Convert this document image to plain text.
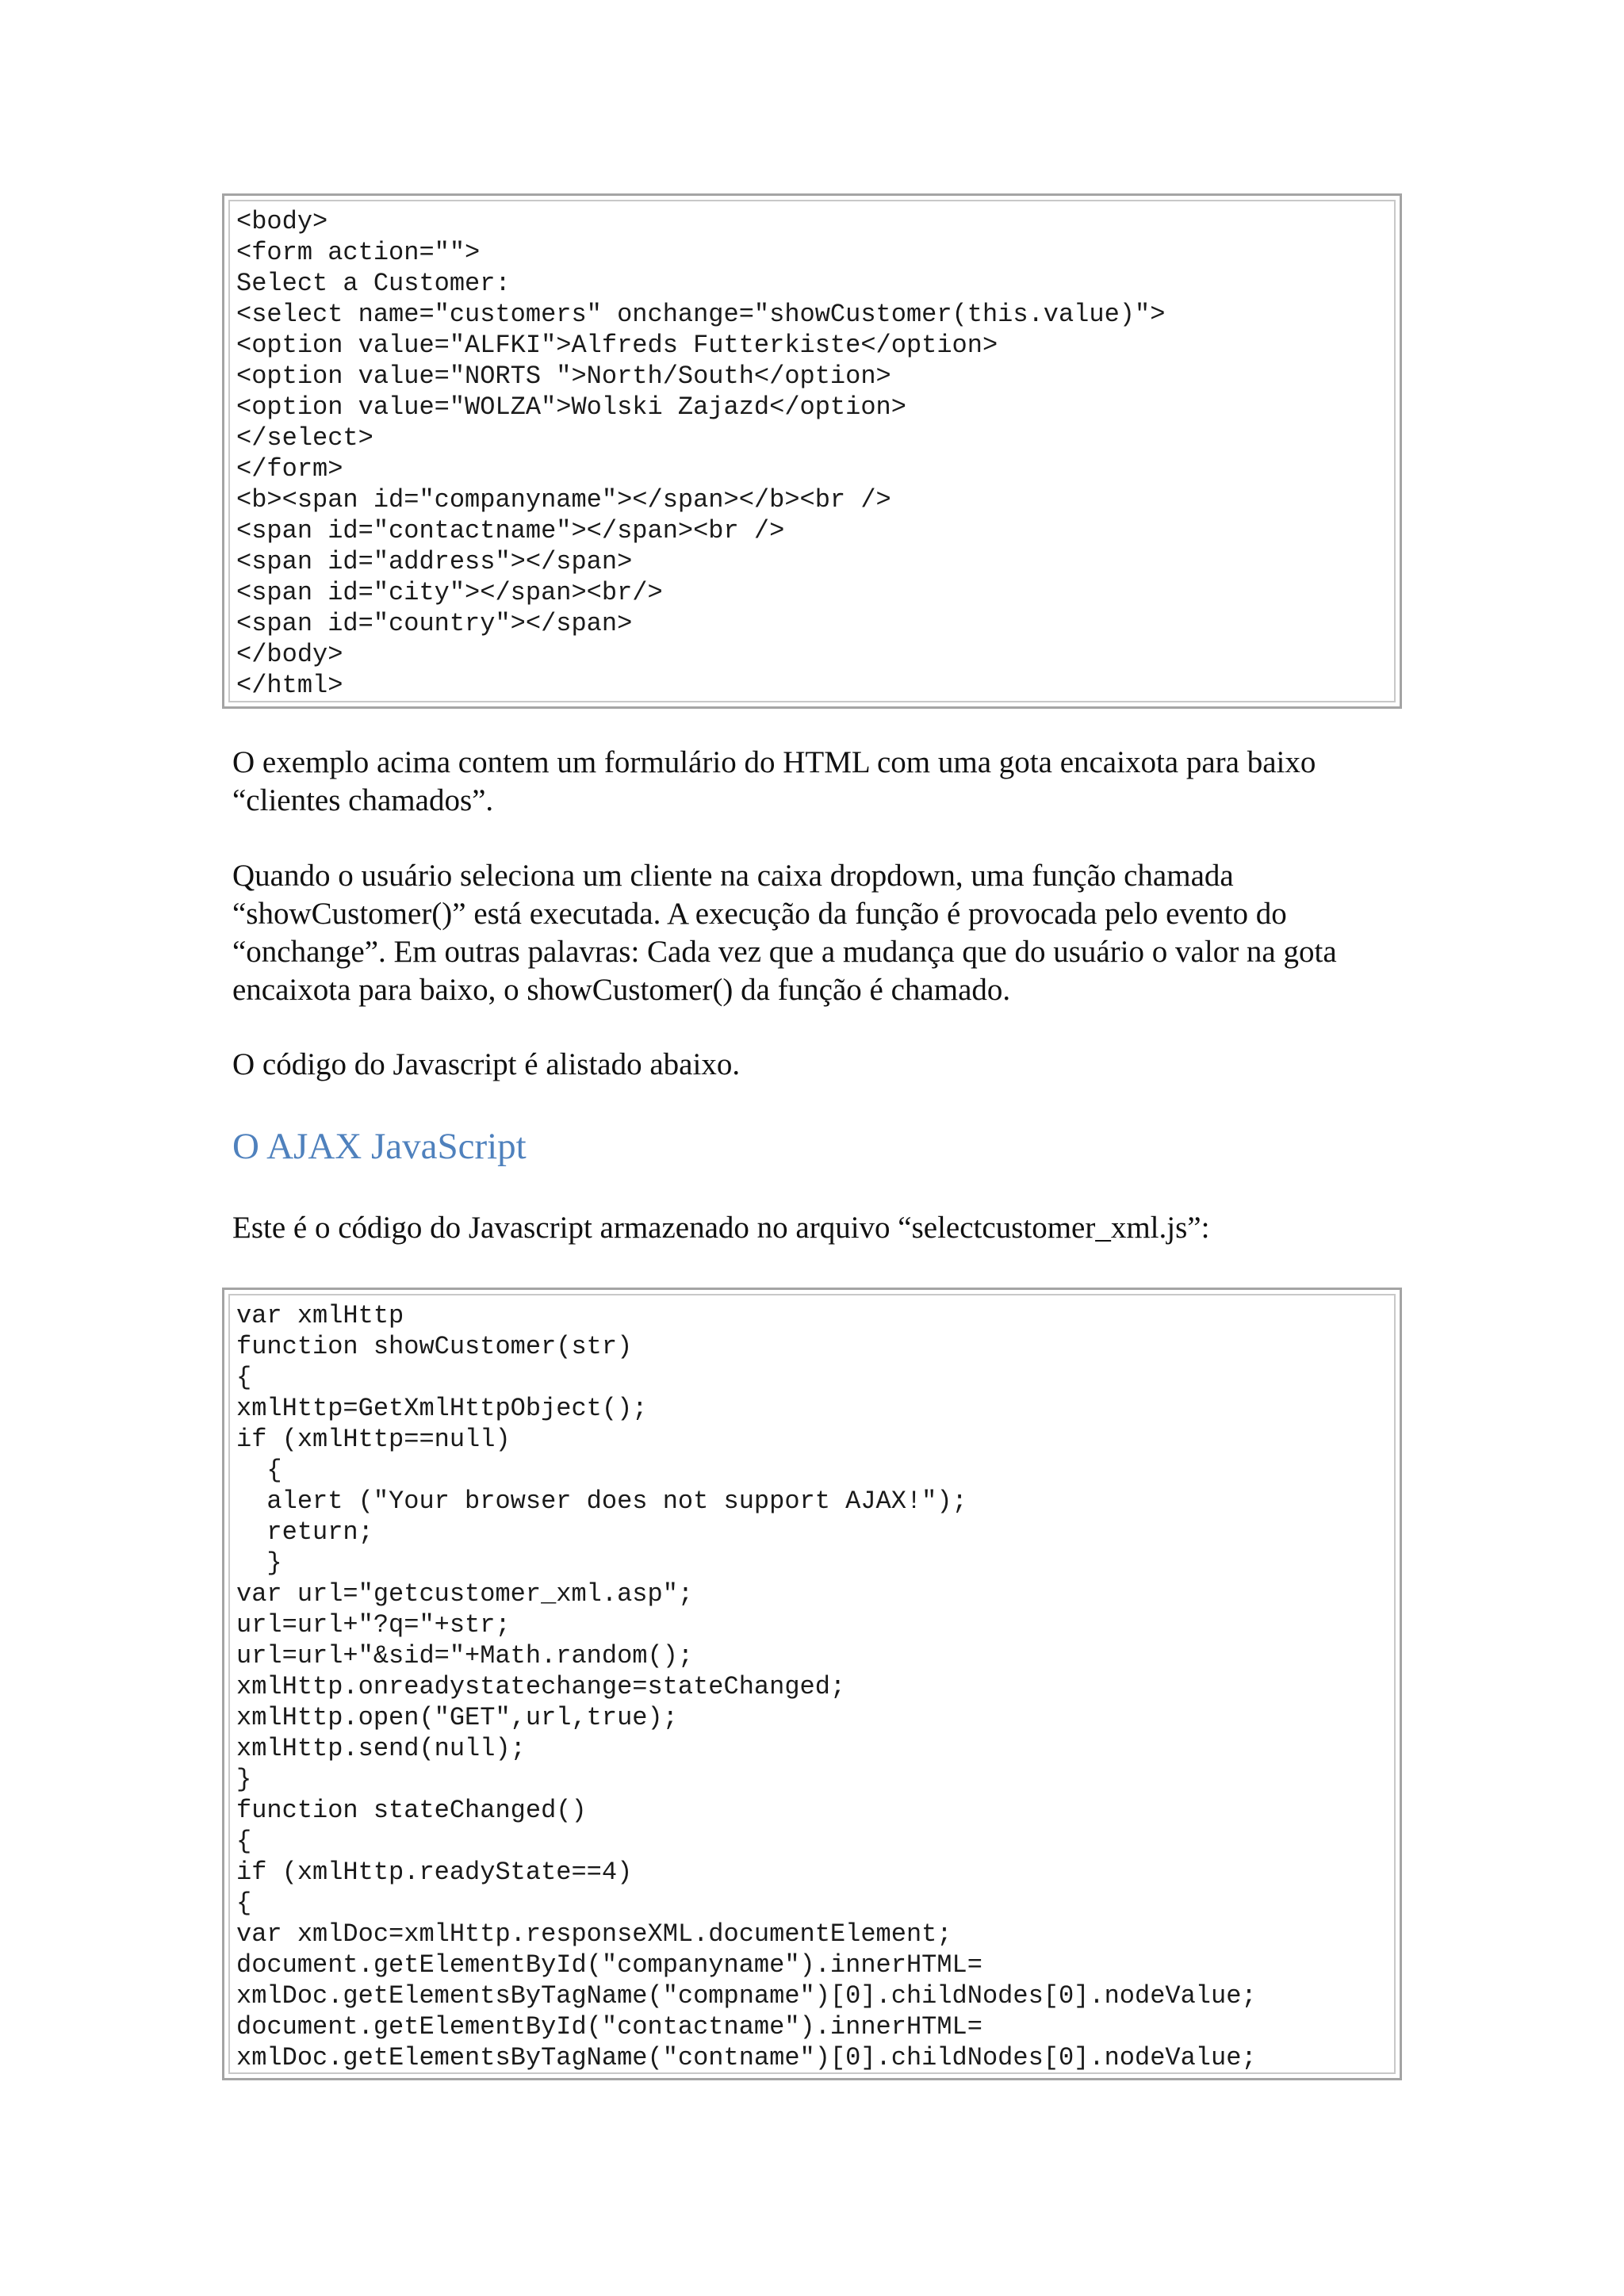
<body>
<form action="">
Select a Customer:
<select name="customers" onchange="showCustomer(this.value)">
<option value="ALFKI">Alfreds Futterkiste</option>
<option value="NORTS ">North/South</option>
<option value="WOLZA">Wolski Zajazd</option>
</select>
</form>
<b><span id="companyname"></span></b><br />
<span id="contactname"></span><br />
<span id="address"></span>
<span id="city"></span><br/>
<span id="country"></span>
</body>
</html>

O exemplo acima contem um formulário do HTML com uma gota encaixota para baixo “clientes chamados”.

Quando o usuário seleciona um cliente na caixa dropdown, uma função chamada “showCustomer()” está executada. A execução da função é provocada pelo evento do “onchange”. Em outras palavras: Cada vez que a mudança que do usuário o valor na gota encaixota para baixo, o showCustomer() da função é chamado.

O código do Javascript é alistado abaixo.

O AJAX JavaScript

Este é o código do Javascript armazenado no arquivo “selectcustomer_xml.js”:

var xmlHttp
function showCustomer(str)
{
xmlHttp=GetXmlHttpObject();
if (xmlHttp==null)
{
alert ("Your browser does not support AJAX!");
return;
}
var url="getcustomer_xml.asp";
url=url+"?q="+str;
url=url+"&sid="+Math.random();
xmlHttp.onreadystatechange=stateChanged;
xmlHttp.open("GET",url,true);
xmlHttp.send(null);
}
function stateChanged()
{
if (xmlHttp.readyState==4)
{
var xmlDoc=xmlHttp.responseXML.documentElement;
document.getElementById("companyname").innerHTML=
xmlDoc.getElementsByTagName("compname")[0].childNodes[0].nodeValue;
document.getElementById("contactname").innerHTML=
xmlDoc.getElementsByTagName("contname")[0].childNodes[0].nodeValue;
